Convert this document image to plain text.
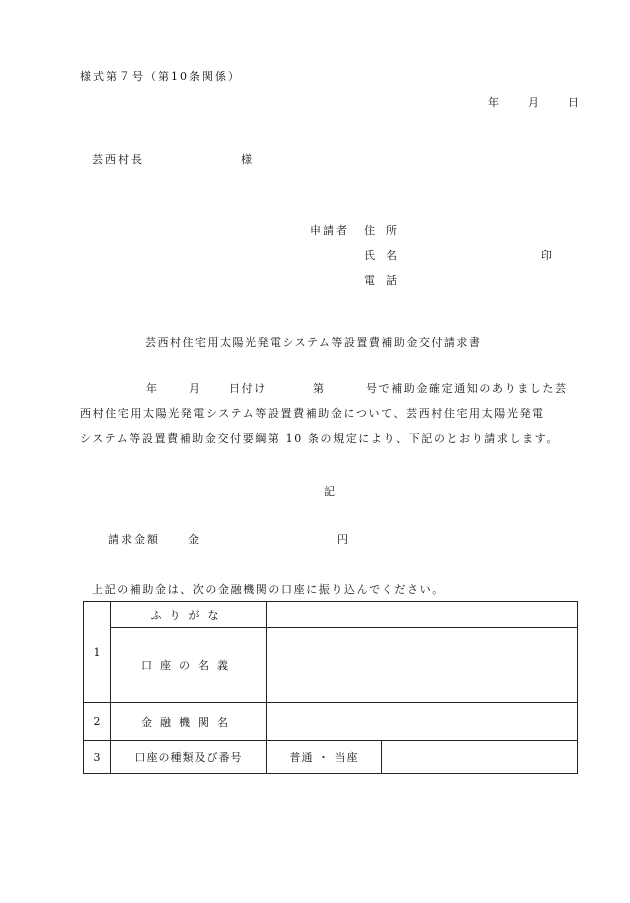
様式第７号（第10条関係）
年	月	日
芸西村長	様
申請者 住　所
氏　名	印
電　話
芸西村住宅用太陽光発電システム等設置費補助金交付請求書
年	月	日付け	第	号で補助金確定通知のありました芸
西村住宅用太陽光発電システム等設置費補助金について、芸西村住宅用太陽光発電
システム等設置費補助金交付要綱第 10 条の規定により、下記のとおり請求します。
記
請求金額	金	円
上記の補助金は、次の金融機関の口座に振り込んでください。
1	ふりがな		
	口座の名義		
2	金融機関名		
3	口座の種類及び番号	普通 ・ 当座	
